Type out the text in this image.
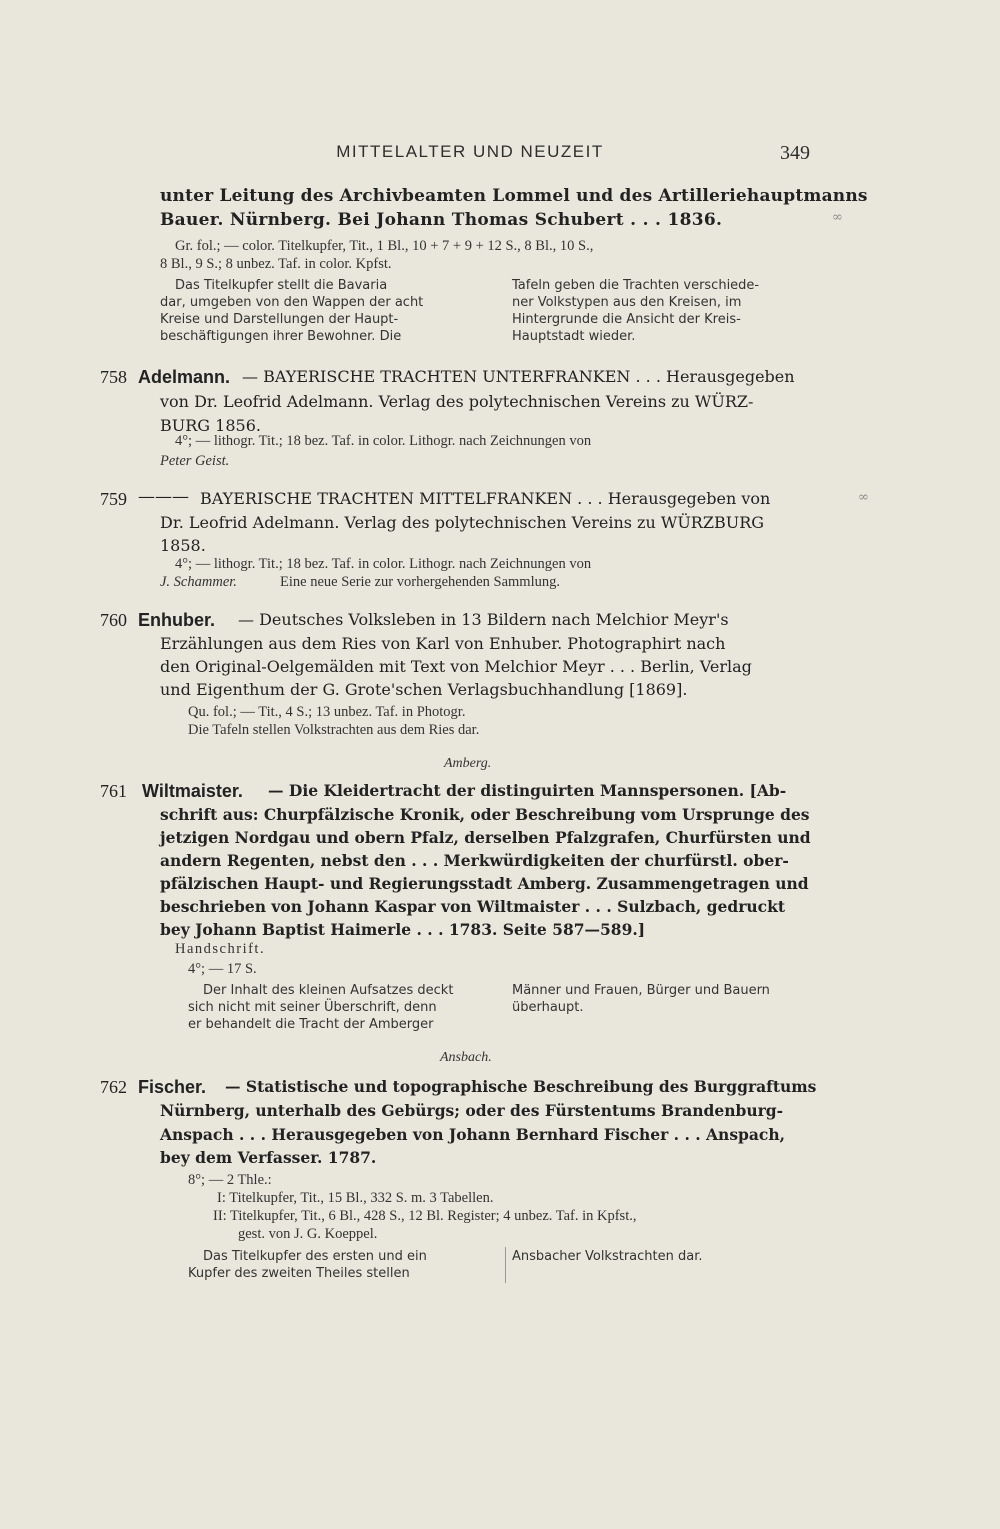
MITTELALTER UND NEUZEIT	349
∞
∞
unter Leitung des Archivbeamten Lommel und des Artilleriehauptmanns
Bauer. Nürnberg. Bei Johann Thomas Schubert . . . 1836.
Gr. fol.; — color. Titelkupfer, Tit., 1 Bl., 10 + 7 + 9 + 12 S., 8 Bl., 10 S.,
8 Bl., 9 S.; 8 unbez. Taf. in color. Kpfst.
Das Titelkupfer stellt die Bavaria
dar, umgeben von den Wappen der acht
Kreise und Darstellungen der Haupt-
beschäftigungen ihrer Bewohner. Die
Tafeln geben die Trachten verschiede-
ner Volkstypen aus den Kreisen, im
Hintergrunde die Ansicht der Kreis-
Hauptstadt wieder.
758 Adelmann. — BAYERISCHE TRACHTEN UNTERFRANKEN . . . Herausgegeben
von Dr. Leofrid Adelmann. Verlag des polytechnischen Vereins zu WÜRZ-
BURG 1856.
4°; — lithogr. Tit.; 18 bez. Taf. in color. Lithogr. nach Zeichnungen von
Peter Geist.
759 ——— BAYERISCHE TRACHTEN MITTELFRANKEN . . . Herausgegeben von
Dr. Leofrid Adelmann. Verlag des polytechnischen Vereins zu WÜRZBURG
1858.
4°; — lithogr. Tit.; 18 bez. Taf. in color. Lithogr. nach Zeichnungen von
J. Schammer.	Eine neue Serie zur vorhergehenden Sammlung.
760 Enhuber. — Deutsches Volksleben in 13 Bildern nach Melchior Meyr's
Erzählungen aus dem Ries von Karl von Enhuber. Photographirt nach
den Original-Oelgemälden mit Text von Melchior Meyr . . . Berlin, Verlag
und Eigenthum der G. Grote'schen Verlagsbuchhandlung [1869].
Qu. fol.; — Tit., 4 S.; 13 unbez. Taf. in Photogr.
Die Tafeln stellen Volkstrachten aus dem Ries dar.
Amberg.
761 Wiltmaister. — Die Kleidertracht der distinguirten Mannspersonen. [Ab-
schrift aus: Churpfälzische Kronik, oder Beschreibung vom Ursprunge des
jetzigen Nordgau und obern Pfalz, derselben Pfalzgrafen, Churfürsten und
andern Regenten, nebst den . . . Merkwürdigkeiten der churfürstl. ober-
pfälzischen Haupt- und Regierungsstadt Amberg. Zusammengetragen und
beschrieben von Johann Kaspar von Wiltmaister . . . Sulzbach, gedruckt
bey Johann Baptist Haimerle . . . 1783. Seite 587—589.]
Handschrift.
4°; — 17 S.
Der Inhalt des kleinen Aufsatzes deckt
sich nicht mit seiner Überschrift, denn
er behandelt die Tracht der Amberger
Männer und Frauen, Bürger und Bauern
überhaupt.
Ansbach.
762 Fischer. — Statistische und topographische Beschreibung des Burggraftums
Nürnberg, unterhalb des Gebürgs; oder des Fürstentums Brandenburg-
Anspach . . . Herausgegeben von Johann Bernhard Fischer . . . Anspach,
bey dem Verfasser. 1787.
8°; — 2 Thle.:
I: Titelkupfer, Tit., 15 Bl., 332 S. m. 3 Tabellen.
II: Titelkupfer, Tit., 6 Bl., 428 S., 12 Bl. Register; 4 unbez. Taf. in Kpfst.,
gest. von J. G. Koeppel.
Das Titelkupfer des ersten und ein
Kupfer des zweiten Theiles stellen
Ansbacher Volkstrachten dar.
